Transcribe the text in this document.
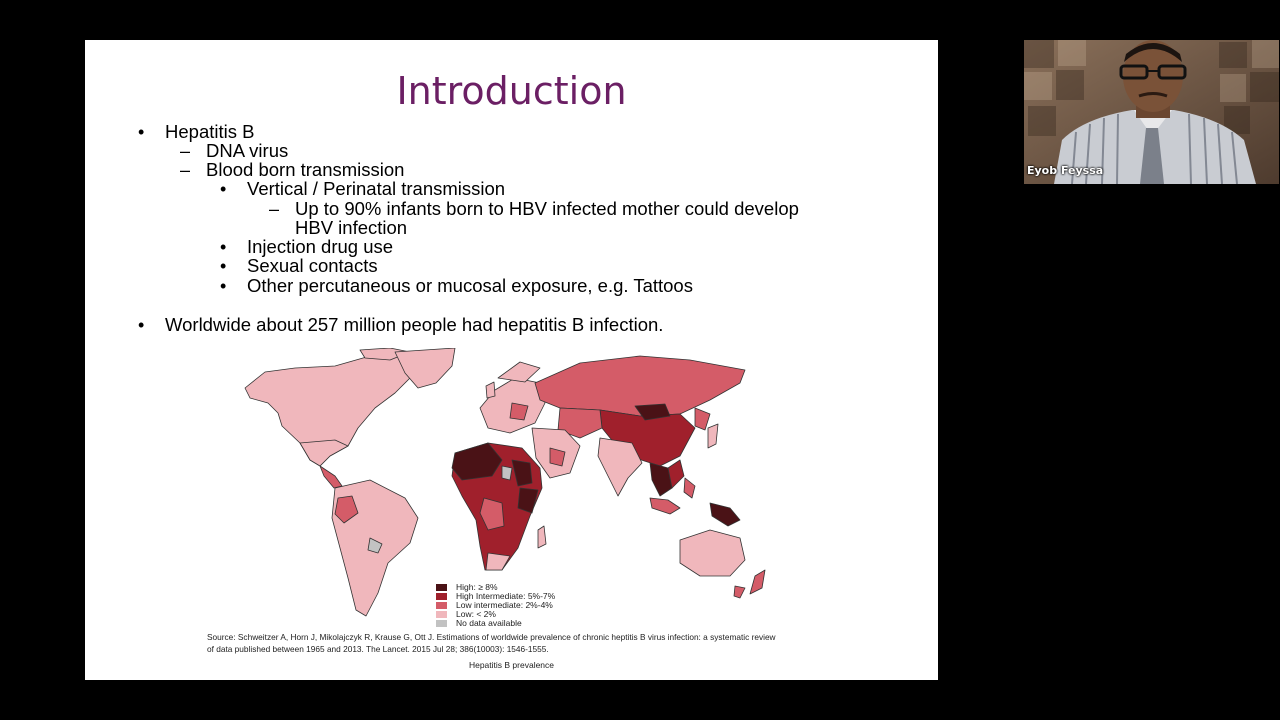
Introduction
• Hepatitis B
– DNA virus
– Blood born transmission
• Vertical / Perinatal transmission
– Up to 90% infants born to HBV infected mother could develop
HBV infection
• Injection drug use
• Sexual contacts
• Other percutaneous or mucosal exposure, e.g. Tattoos
• Worldwide about 257 million people had hepatitis B infection.
High: ≥ 8%
High Intermediate: 5%-7%
Low intermediate: 2%-4%
Low: < 2%
No data available
Source: Schweitzer A, Horn J, Mikolajczyk R, Krause G, Ott J. Estimations of worldwide prevalence of chronic heptitis B virus infection: a systematic review
of data published between 1965 and 2013. The Lancet. 2015 Jul 28; 386(10003): 1546-1555.
Hepatitis B prevalence
Eyob Feyssa
